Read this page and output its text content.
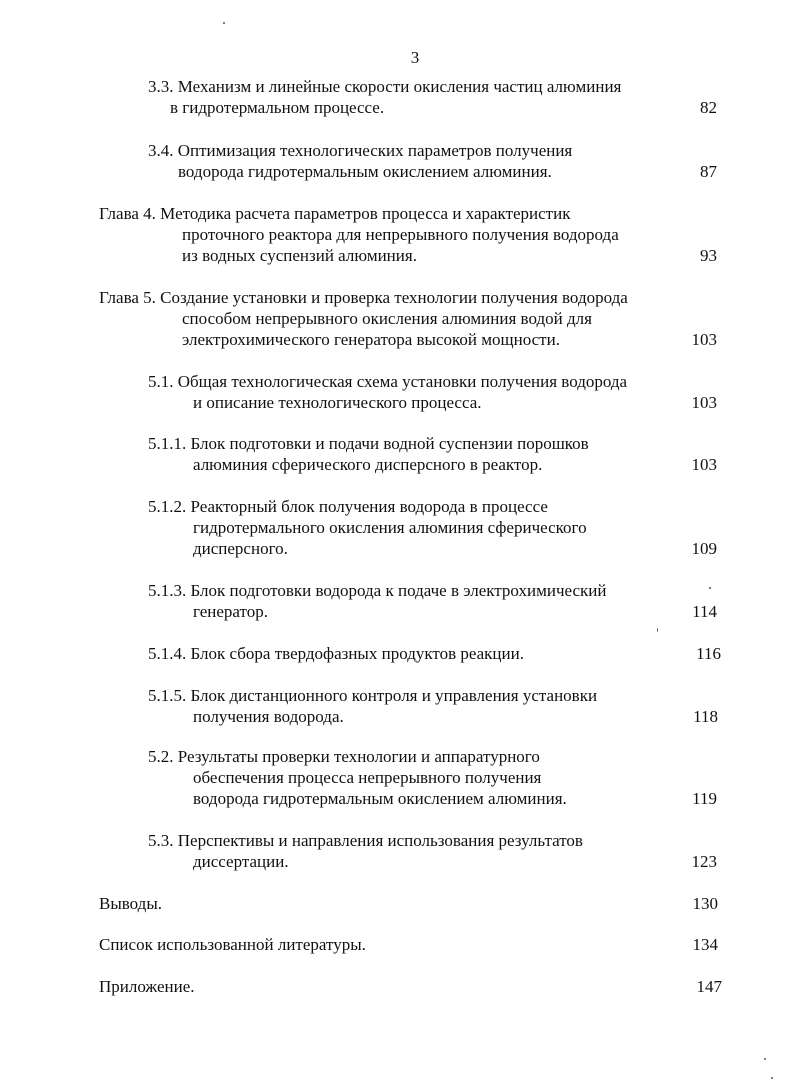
3
3.3. Механизм и линейные скорости окисления частиц алюминия
в гидротермальном процессе.	82
3.4. Оптимизация технологических параметров получения
водорода гидротермальным окислением алюминия.	87
Глава 4. Методика расчета параметров процесса и характеристик
проточного реактора для непрерывного получения водорода
из водных суспензий алюминия.	93
Глава 5. Создание установки и проверка технологии получения водорода
способом непрерывного окисления алюминия водой для
электрохимического генератора высокой мощности.	103
5.1. Общая технологическая схема установки получения водорода
и описание технологического процесса.	103
5.1.1. Блок подготовки и подачи водной суспензии порошков
алюминия сферического дисперсного в реактор.	103
5.1.2. Реакторный блок получения водорода в процессе
гидротермального окисления алюминия сферического
дисперсного.	109
5.1.3. Блок подготовки водорода к подаче в электрохимический
генератор.	114
5.1.4. Блок сбора твердофазных продуктов реакции.	116
5.1.5. Блок дистанционного контроля и управления установки
получения водорода.	118
5.2. Результаты проверки технологии и аппаратурного
обеспечения процесса непрерывного получения
водорода гидротермальным окислением алюминия.	119
5.3. Перспективы и направления использования результатов
диссертации.	123
Выводы.	130
Список использованной литературы.	134
Приложение.	147
